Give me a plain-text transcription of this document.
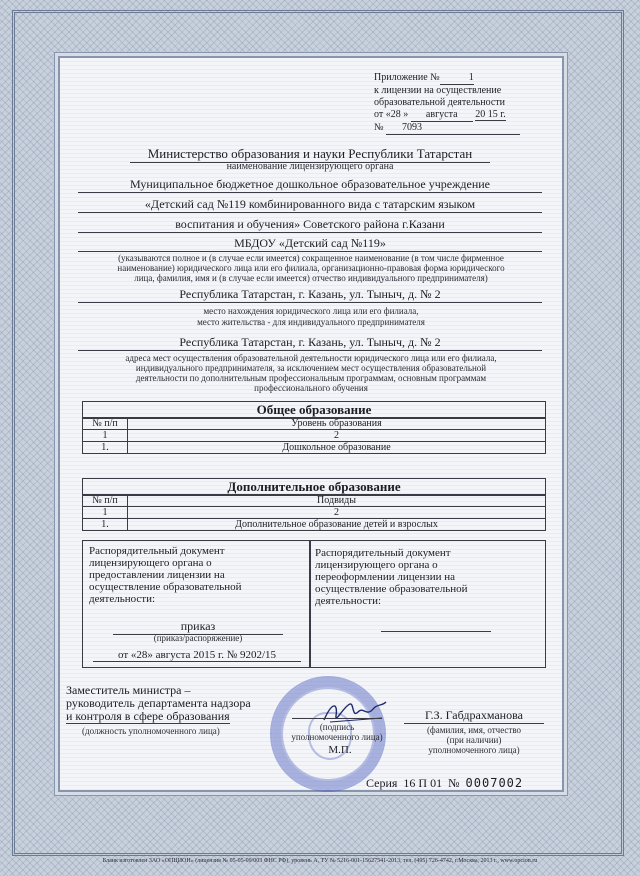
Приложение №	1
к лицензии на осуществление
образовательной деятельности
от «28 » августа 20 15 г.
№ 7093
Министерство образования и науки Республики Татарстан
наименование лицензирующего органа
Муниципальное бюджетное дошкольное образовательное учреждение
«Детский сад №119 комбинированного вида с татарским языком
воспитания и обучения» Советского района г.Казани
МБДОУ «Детский сад №119»
(указываются полное и (в случае если имеется) сокращенное наименование (в том числе фирменное
наименование) юридического лица или его филиала, организационно-правовая форма юридического
лица, фамилия, имя и (в случае если имеется) отчество индивидуального предпринимателя)
Республика Татарстан, г. Казань, ул. Тыныч, д. № 2
место нахождения юридического лица или его филиала,
место жительства - для индивидуального предпринимателя
Республика Татарстан, г. Казань, ул. Тыныч, д. № 2
адреса мест осуществления образовательной деятельности юридического лица или его филиала,
индивидуального предпринимателя, за исключением мест осуществления образовательной
деятельности по дополнительным профессиональным программам, основным программам
профессионального обучения
Общее образование
№ п/п	Уровень образования
1	2
1.	Дошкольное образование
Дополнительное образование
№ п/п	Подвиды
1	2
1.	Дополнительное образование детей и взрослых
Распорядительный документ
лицензирующего органа о
предоставлении лицензии на
осуществление образовательной
деятельности:
приказ
(приказ/распоряжение)
от «28» августа 2015 г. № 9202/15
Распорядительный документ
лицензирующего органа о
переоформлении лицензии на
осуществление образовательной
деятельности:
Заместитель министра –
руководитель департамента надзора
и контроля в сфере образования
(должность уполномоченного лица)	(подпись
уполномоченного лица)
М.П.
Г.З. Габдрахманова
(фамилия, имя, отчество
(при наличии)
уполномоченного лица)
Серия 16 П 01 № 0007002
Бланк изготовлен ЗАО «ОПЦИОН» (лицензия № 05-05-09/003 ФНС РФ), уровень А, ТУ № 5216-001-15627541-2013, тел. (495) 726-4742, г.Москва, 2013 г., www.opcion.ru
